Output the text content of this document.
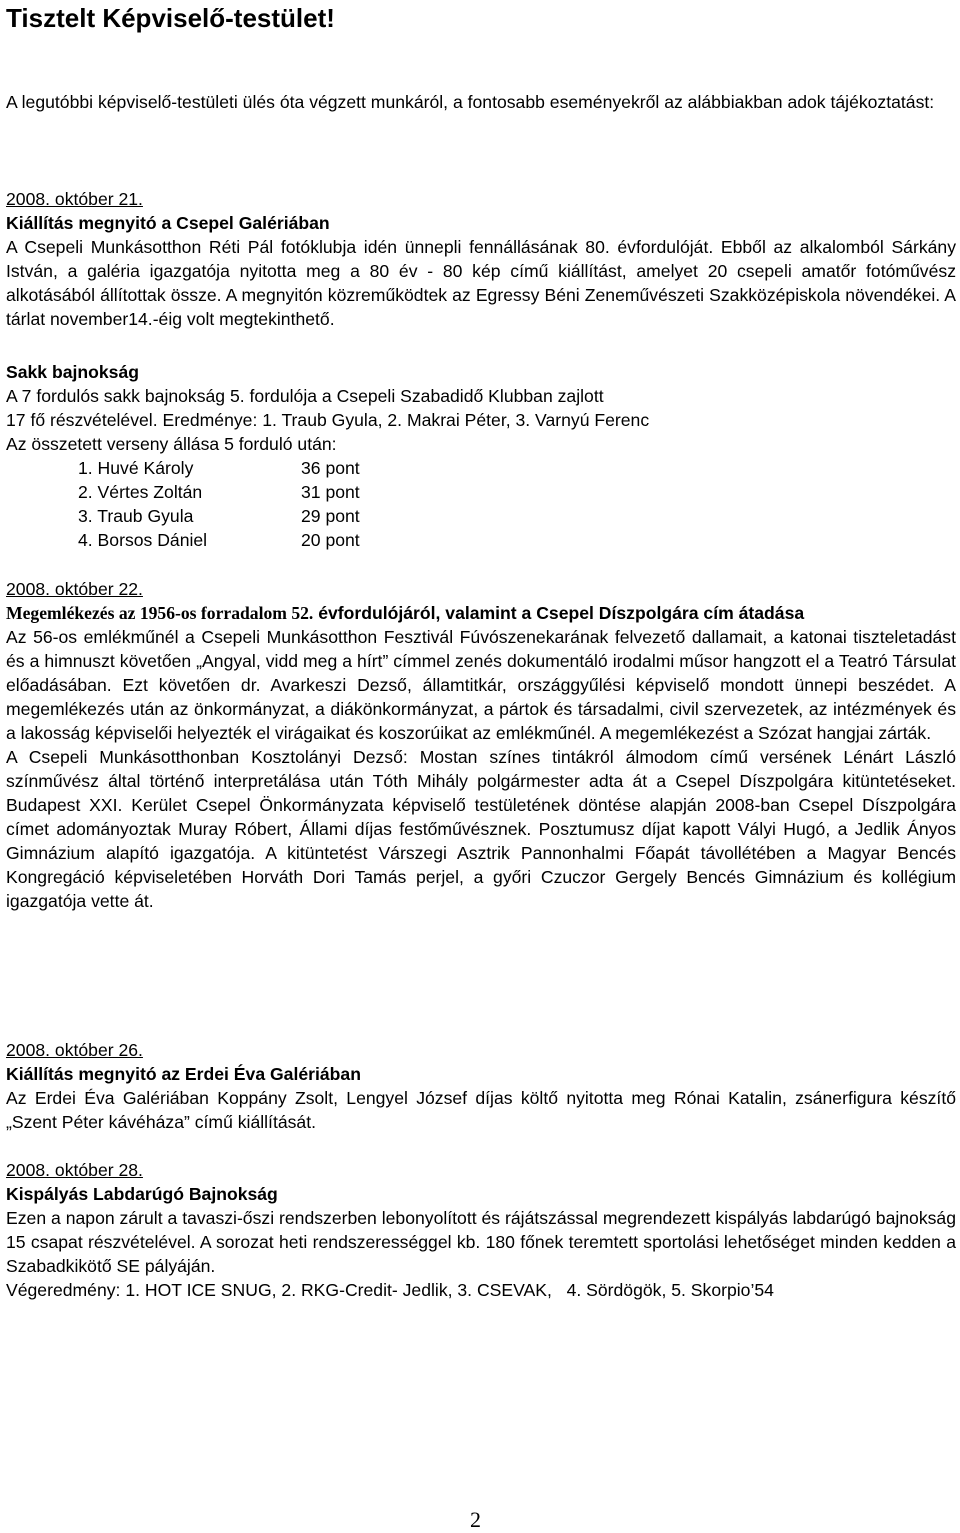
Tisztelt Képviselő-testület!
A legutóbbi képviselő-testületi ülés óta végzett munkáról, a fontosabb eseményekről az alábbiakban adok tájékoztatást:
2008. október 21.
Kiállítás megnyitó a Csepel Galériában
A Csepeli Munkásotthon Réti Pál fotóklubja idén ünnepli fennállásának 80. évfordulóját. Ebből az alkalomból Sárkány István, a galéria igazgatója nyitotta meg a 80 év - 80 kép című kiállítást, amelyet 20 csepeli amatőr fotóművész alkotásából állítottak össze. A megnyitón közreműködtek az Egressy Béni Zeneművészeti Szakközépiskola növendékei. A tárlat november14.-éig volt megtekinthető.
Sakk bajnokság
A 7 fordulós sakk bajnokság 5. fordulója a Csepeli Szabadidő Klubban zajlott
17 fő részvételével. Eredménye: 1. Traub Gyula, 2. Makrai Péter, 3. Varnyú Ferenc
Az összetett verseny állása 5 forduló után:
1. Huvé Károly	36 pont
2. Vértes Zoltán	31 pont
3. Traub Gyula	29 pont
4. Borsos Dániel	20 pont
2008. október 22.
Megemlékezés az 1956-os forradalom 52. évfordulójáról, valamint a Csepel Díszpolgára cím átadása
Az 56-os emlékműnél a Csepeli Munkásotthon Fesztivál Fúvószenekarának felvezető dallamait, a katonai tiszteletadást és a himnuszt követően „Angyal, vidd meg a hírt” címmel zenés dokumentáló irodalmi műsor hangzott el a Teatró Társulat előadásában. Ezt követően dr. Avarkeszi Dezső, államtitkár, országgyűlési képviselő mondott ünnepi beszédet. A megemlékezés után az önkormányzat, a diákönkormányzat, a pártok és társadalmi, civil szervezetek, az intézmények és a lakosság képviselői helyezték el virágaikat és koszorúikat az emlékműnél. A megemlékezést a Szózat hangjai zárták.
A Csepeli Munkásotthonban Kosztolányi Dezső: Mostan színes tintákról álmodom című versének Lénárt László színművész által történő interpretálása után Tóth Mihály polgármester adta át a Csepel Díszpolgára kitüntetéseket. Budapest XXI. Kerület Csepel Önkormányzata képviselő testületének döntése alapján 2008-ban Csepel Díszpolgára címet adományoztak Muray Róbert, Állami díjas festőművésznek. Posztumusz díjat kapott Vályi Hugó, a Jedlik Ányos Gimnázium alapító igazgatója. A kitüntetést Várszegi Asztrik Pannonhalmi Főapát távollétében a Magyar Bencés Kongregáció képviseletében Horváth Dori Tamás perjel, a győri Czuczor Gergely Bencés Gimnázium és kollégium igazgatója vette át.
2008. október 26.
Kiállítás megnyitó az Erdei Éva Galériában
Az Erdei Éva Galériában Koppány Zsolt, Lengyel József díjas költő nyitotta meg Rónai Katalin, zsánerfigura készítő „Szent Péter kávéháza” című kiállítását.
2008. október 28.
Kispályás Labdarúgó Bajnokság
Ezen a napon zárult a tavaszi-őszi rendszerben lebonyolított és rájátszással megrendezett kispályás labdarúgó bajnokság 15 csapat részvételével. A sorozat heti rendszerességgel kb. 180 főnek teremtett sportolási lehetőséget minden kedden a Szabadkikötő SE pályáján.
Végeredmény: 1. HOT ICE SNUG, 2. RKG-Credit- Jedlik, 3. CSEVAK,   4. Sördögök, 5. Skorpio’54
2
